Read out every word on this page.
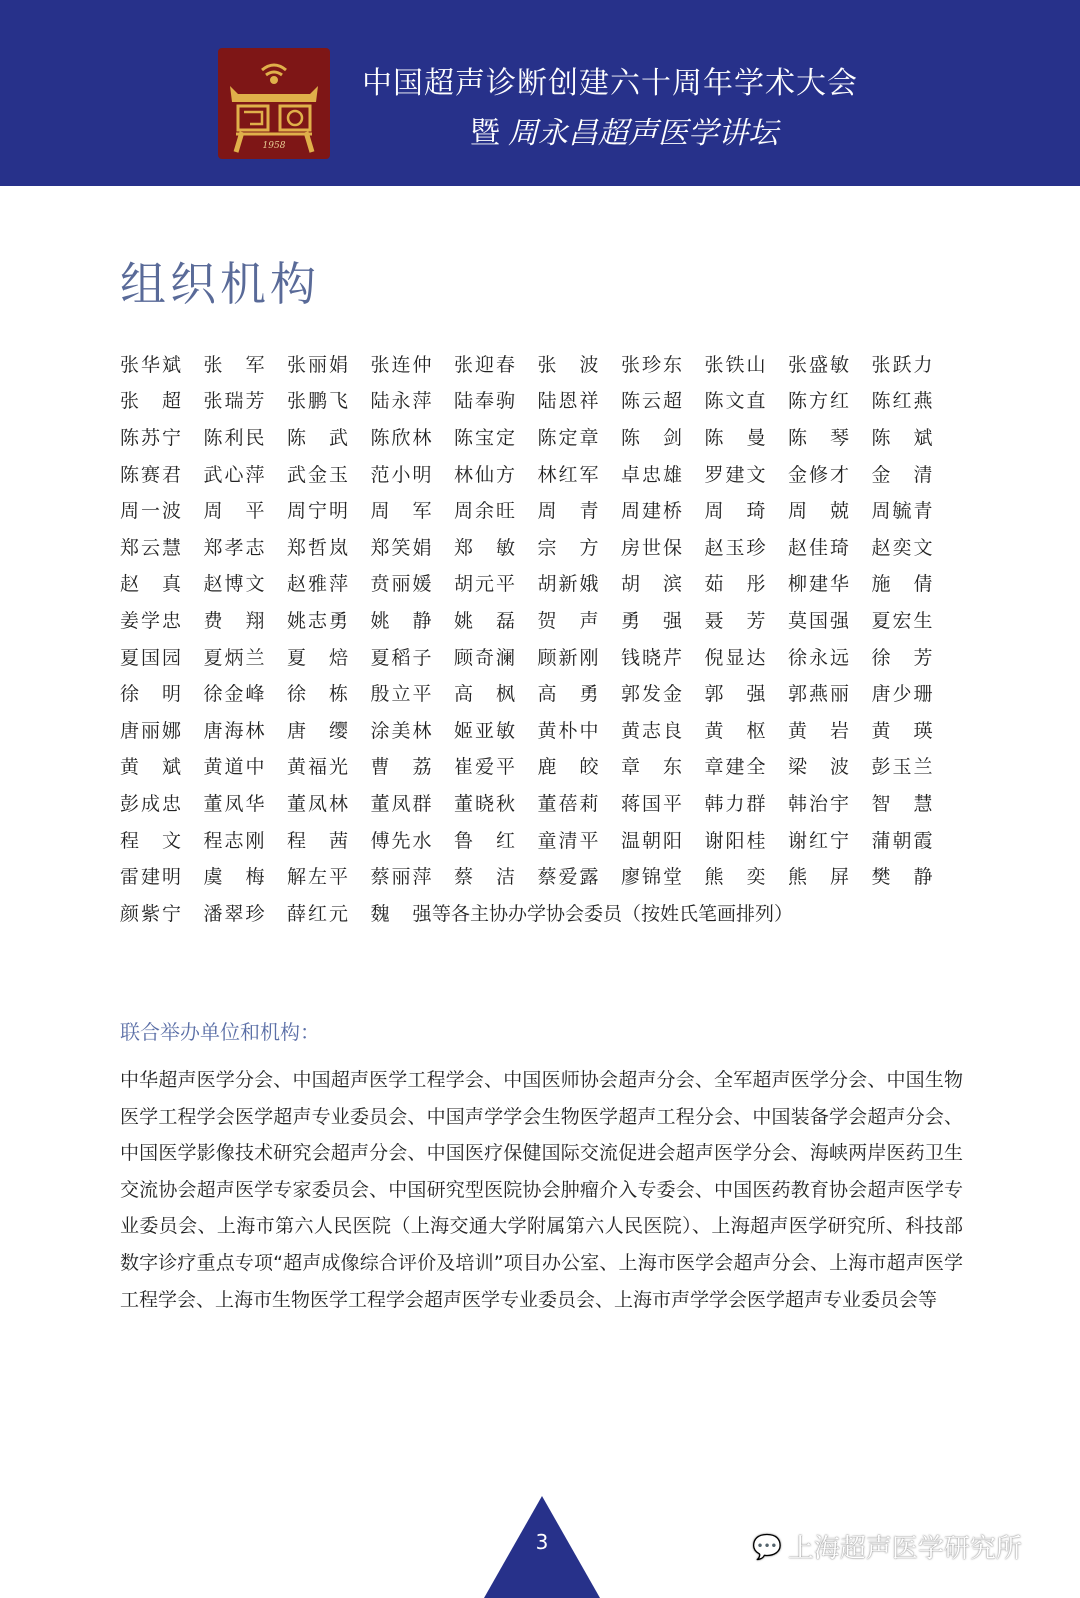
1958
中国超声诊断创建六十周年学术大会
暨 周永昌超声医学讲坛
组织机构
张华斌 张军 张丽娟 张连仲 张迎春 张波 张珍东 张铁山 张盛敏 张跃力
张超 张瑞芳 张鹏飞 陆永萍 陆奉驹 陆恩祥 陈云超 陈文直 陈方红 陈红燕
陈苏宁 陈利民 陈武 陈欣林 陈宝定 陈定章 陈剑 陈曼 陈琴 陈斌
陈赛君 武心萍 武金玉 范小明 林仙方 林红军 卓忠雄 罗建文 金修才 金清
周一波 周平 周宁明 周军 周余旺 周青 周建桥 周琦 周兢 周毓青
郑云慧 郑孝志 郑哲岚 郑笑娟 郑敏 宗方 房世保 赵玉珍 赵佳琦 赵奕文
赵真 赵博文 赵雅萍 贲丽媛 胡元平 胡新娥 胡滨 茹彤 柳建华 施倩
姜学忠 费翔 姚志勇 姚静 姚磊 贺声 勇强 聂芳 莫国强 夏宏生
夏国园 夏炳兰 夏焙 夏稻子 顾奇澜 顾新刚 钱晓芹 倪显达 徐永远 徐芳
徐明 徐金峰 徐栋 殷立平 高枫 高勇 郭发金 郭强 郭燕丽 唐少珊
唐丽娜 唐海林 唐缨 涂美林 姬亚敏 黄朴中 黄志良 黄枢 黄岩 黄瑛
黄斌 黄道中 黄福光 曹荔 崔爱平 鹿皎 章东 章建全 梁波 彭玉兰
彭成忠 董凤华 董凤林 董凤群 董晓秋 董蓓莉 蒋国平 韩力群 韩治宇 智慧
程文 程志刚 程茜 傅先水 鲁红 童清平 温朝阳 谢阳桂 谢红宁 蒲朝霞
雷建明 虞梅 解左平 蔡丽萍 蔡洁 蔡爱露 廖锦堂 熊奕 熊屏 樊静
颜紫宁 潘翠珍 薛红元 魏强 等各主协办学协会委员（按姓氏笔画排列）
联合举办单位和机构：
中华超声医学分会、中国超声医学工程学会、中国医师协会超声分会、全军超声医学分会、中国生物医学工程学会医学超声专业委员会、中国声学学会生物医学超声工程分会、中国装备学会超声分会、中国医学影像技术研究会超声分会、中国医疗保健国际交流促进会超声医学分会、海峡两岸医药卫生交流协会超声医学专家委员会、中国研究型医院协会肿瘤介入专委会、中国医药教育协会超声医学专业委员会、上海市第六人民医院（上海交通大学附属第六人民医院）、上海超声医学研究所、科技部数字诊疗重点专项“超声成像综合评价及培训”项目办公室、上海市医学会超声分会、上海市超声医学工程学会、上海市生物医学工程学会超声医学专业委员会、上海市声学学会医学超声专业委员会等
3	💬 上海超声医学研究所
